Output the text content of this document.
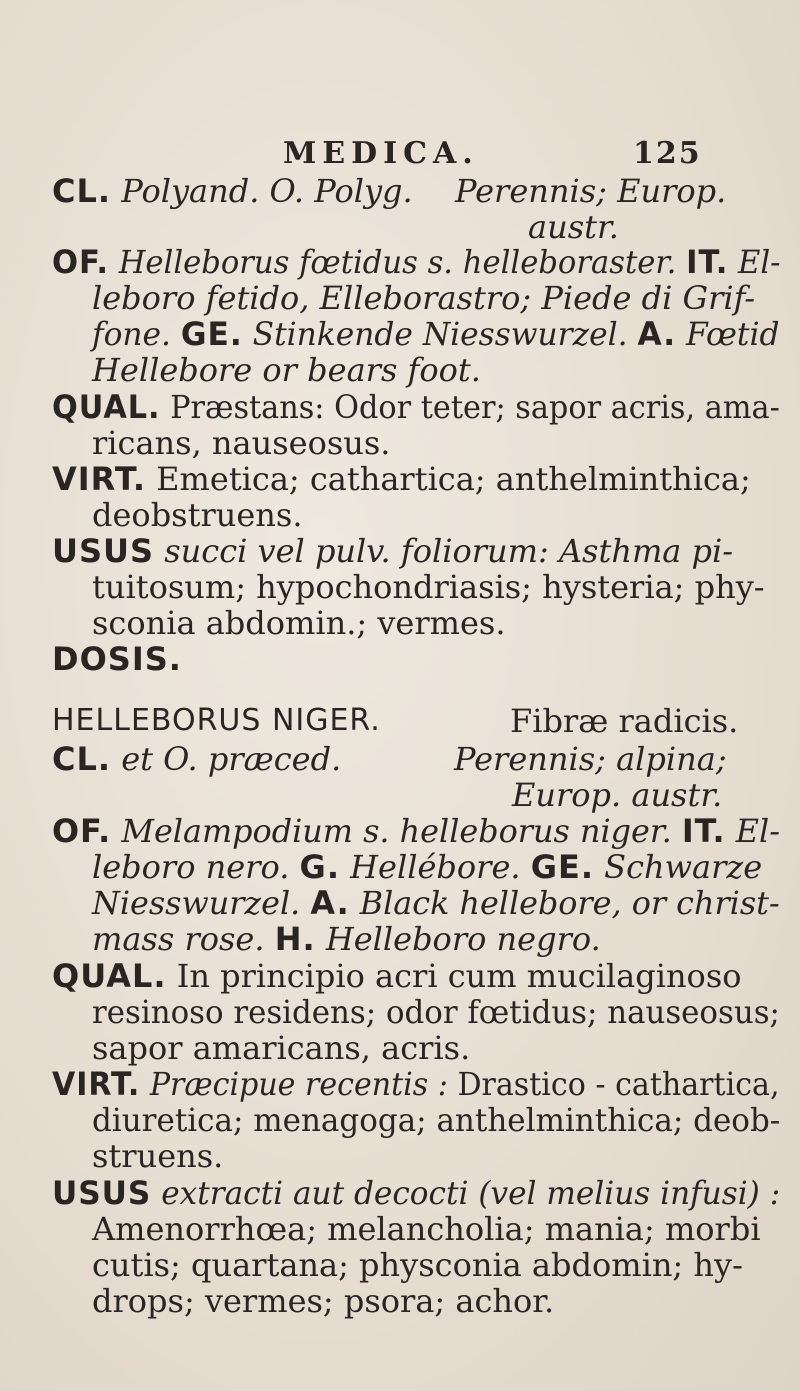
MEDICA.	125
CL. Polyand. O. Polyg. Perennis; Europ.
austr.
OF. Helleborus fœtidus s. helleboraster. IT. El-
leboro fetido, Elleborastro; Piede di Grif-
fone. GE. Stinkende Niesswurzel. A. Fœtid
Hellebore or bears foot.
QUAL. Præstans: Odor teter; sapor acris, ama-
ricans, nauseosus.
VIRT. Emetica; cathartica; anthelminthica;
deobstruens.
USUS succi vel pulv. foliorum: Asthma pi-
tuitosum; hypochondriasis; hysteria; phy-
sconia abdomin.; vermes.
DOSIS.
HELLEBORUS NIGER.	Fibræ radicis.
CL. et O. præced.	Perennis; alpina;
Europ. austr.
OF. Melampodium s. helleborus niger. IT. El-
leboro nero. G. Hellébore. GE. Schwarze
Niesswurzel. A. Black hellebore, or christ-
mass rose. H. Helleboro negro.
QUAL. In principio acri cum mucilaginoso
resinoso residens; odor fœtidus; nauseosus;
sapor amaricans, acris.
VIRT. Præcipue recentis : Drastico - cathartica,
diuretica; menagoga; anthelminthica; deob-
struens.
USUS extracti aut decocti (vel melius infusi) :
Amenorrhœa; melancholia; mania; morbi
cutis; quartana; physconia abdomin; hy-
drops; vermes; psora; achor.
